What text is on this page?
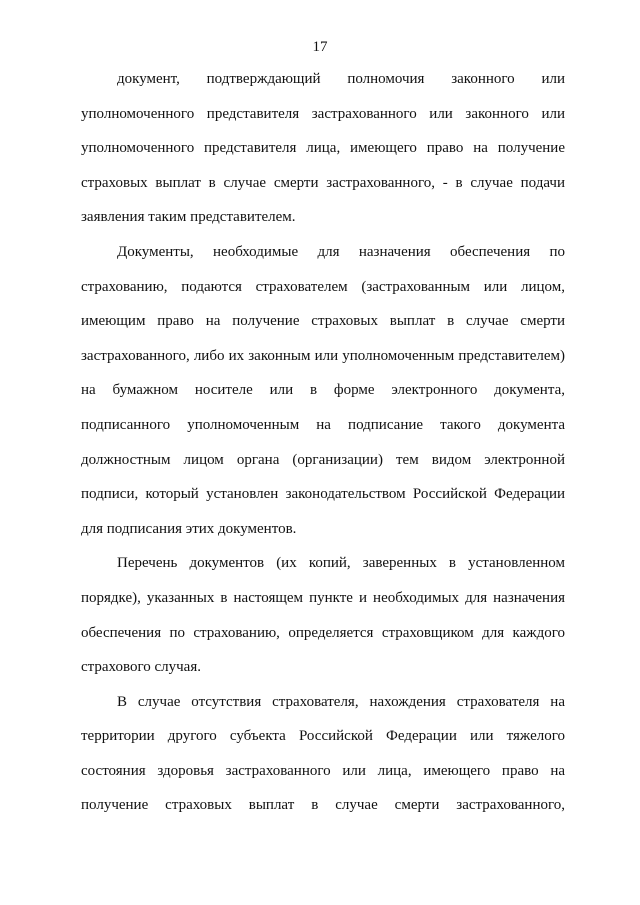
17
документ, подтверждающий полномочия законного или
уполномоченного представителя застрахованного или законного или
уполномоченного представителя лица, имеющего право на получение
страховых выплат в случае смерти застрахованного, - в случае подачи
заявления таким представителем.
Документы, необходимые для назначения обеспечения по
страхованию, подаются страхователем (застрахованным или лицом,
имеющим право на получение страховых выплат в случае смерти
застрахованного, либо их законным или уполномоченным представителем)
на бумажном носителе или в форме электронного документа,
подписанного уполномоченным на подписание такого документа
должностным лицом органа (организации) тем видом электронной
подписи, который установлен законодательством Российской Федерации
для подписания этих документов.
Перечень документов (их копий, заверенных в установленном
порядке), указанных в настоящем пункте и необходимых для назначения
обеспечения по страхованию, определяется страховщиком для каждого
страхового случая.
В случае отсутствия страхователя, нахождения страхователя на
территории другого субъекта Российской Федерации или тяжелого
состояния здоровья застрахованного или лица, имеющего право на
получение страховых выплат в случае смерти застрахованного,
